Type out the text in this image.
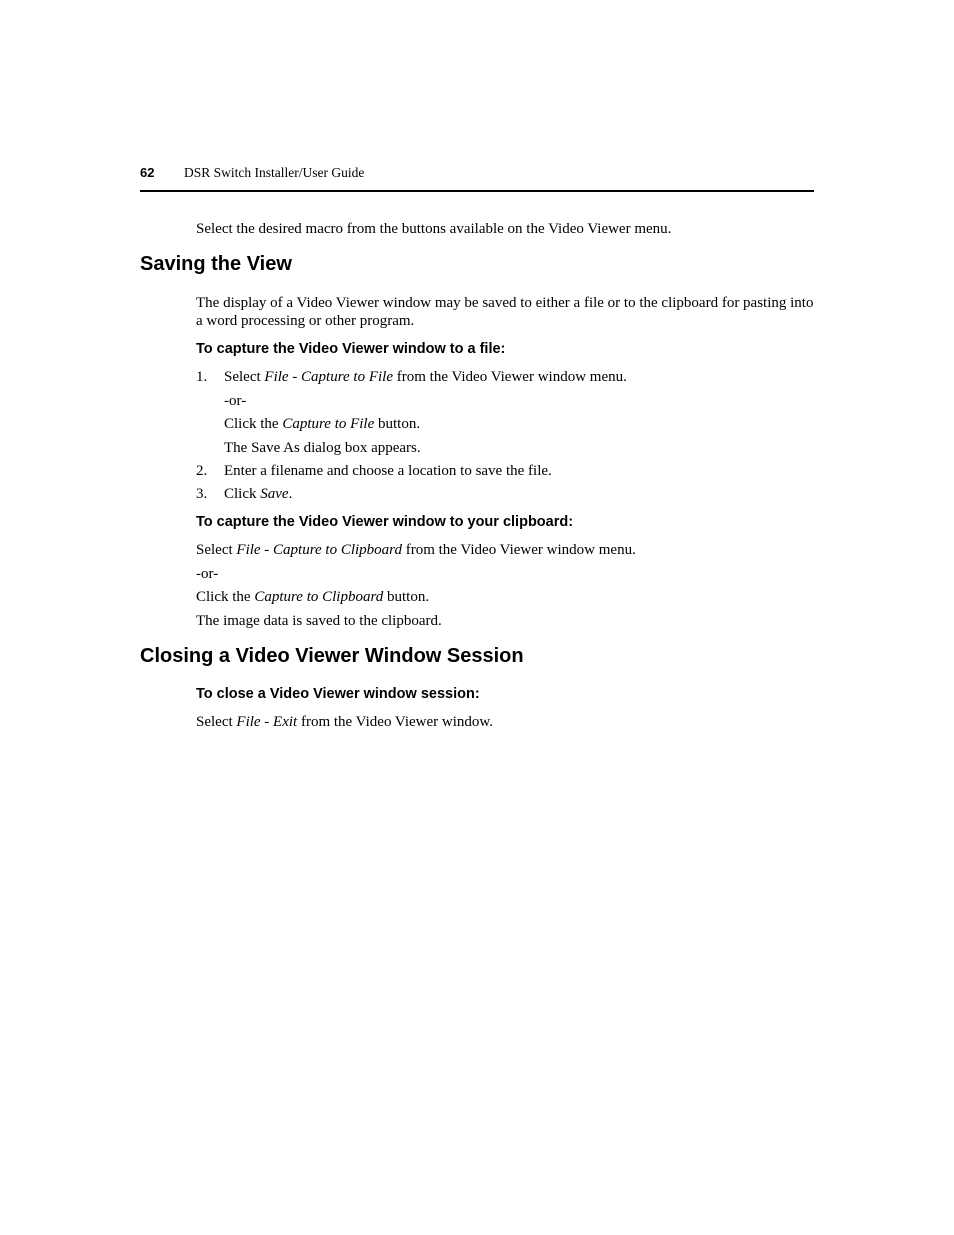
62 DSR Switch Installer/User Guide
Select the desired macro from the buttons available on the Video Viewer menu.
Saving the View
The display of a Video Viewer window may be saved to either a file or to the clipboard for pasting into a word processing or other program.
To capture the Video Viewer window to a file:
1. Select File - Capture to File from the Video Viewer window menu.
-or-
Click the Capture to File button.
The Save As dialog box appears.
2. Enter a filename and choose a location to save the file.
3. Click Save.
To capture the Video Viewer window to your clipboard:
Select File - Capture to Clipboard from the Video Viewer window menu.
-or-
Click the Capture to Clipboard button.
The image data is saved to the clipboard.
Closing a Video Viewer Window Session
To close a Video Viewer window session:
Select File - Exit from the Video Viewer window.
